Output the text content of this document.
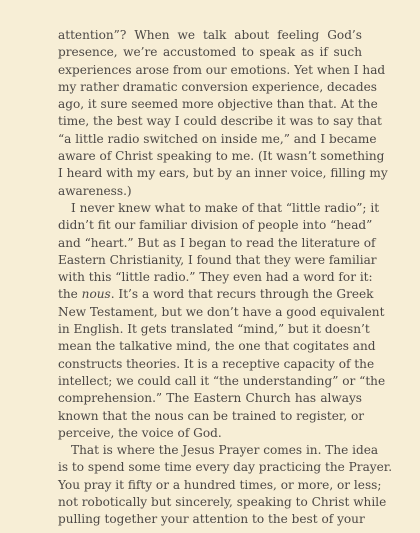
attention”? When we talk about feeling God’s
presence, we’re accustomed to speak as if such
experiences arose from our emotions. Yet when I had
my rather dramatic conversion experience, decades
ago, it sure seemed more objective than that. At the
time, the best way I could describe it was to say that
“a little radio switched on inside me,” and I became
aware of Christ speaking to me. (It wasn’t something
I heard with my ears, but by an inner voice, filling my
awareness.)
I never knew what to make of that “little radio”; it
didn’t fit our familiar division of people into “head”
and “heart.” But as I began to read the literature of
Eastern Christianity, I found that they were familiar
with this “little radio.” They even had a word for it:
the nous. It’s a word that recurs through the Greek
New Testament, but we don’t have a good equivalent
in English. It gets translated “mind,” but it doesn’t
mean the talkative mind, the one that cogitates and
constructs theories. It is a receptive capacity of the
intellect; we could call it “the understanding” or “the
comprehension.” The Eastern Church has always
known that the nous can be trained to register, or
perceive, the voice of God.
That is where the Jesus Prayer comes in. The idea
is to spend some time every day practicing the Prayer.
You pray it fifty or a hundred times, or more, or less;
not robotically but sincerely, speaking to Christ while
pulling together your attention to the best of your
